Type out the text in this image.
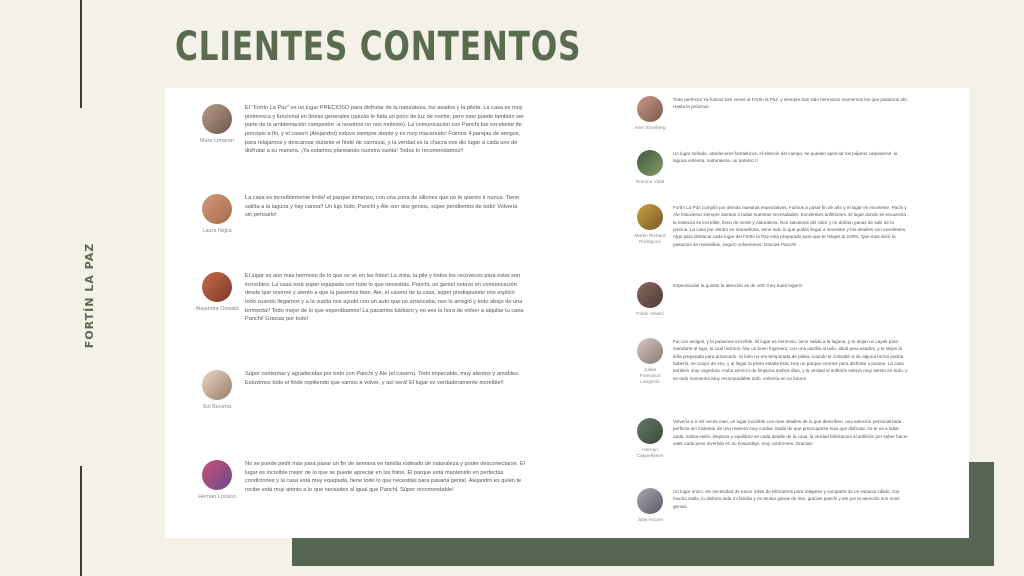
FORTÍN LA PAZ
CLIENTES CONTENTOS
Maru Limaran
El "Fortín La Paz" es un lugar PRECIOSO para disfrutar de la naturaleza, los asados y la pileta. La casa es muy pintoresca y funcional en líneas generales (quizás le falta un poco de luz de noche, pero esto puede también ser parte de la ambientación campestre -a nosotros no nos molestó). La comunicación con Panchi fue excelente de principio a fin, y el casero (Alejandro) estuvo siempre atento y es muy macanudo! Fuimos 4 parejas de amigos, para relajarnos y descansar durante el finde de carnaval, y la verdad es la chacra nos dio lugar a cada uno de disfrutar a su manera. ¡Ya estamos planeando nuestra vuelta! Todos lo recomendamos!!
Laura Niglia
La casa es increíblemente linda! el parque inmenso, con una zona de sillones que no te querés ir nunca. Tiene salida a la laguna y hay canoa!! Un lujo todo, Panchi y Ale son dos genios, súper pendientes de todo! Volvería sin pensarlo!
Alejandra Oswald
El lugar es aún más hermoso de lo que se ve en las fotos! La vista, la pile y todos los recovecos para estar son increíbles. La casa está súper equipada con todo lo que necesitás. Panchi, un genio! estuvo en comunicación desde que reservé y atento a que la pasemos bien. Ale, el casero de la casa, súper predispuesto nos explicó todo cuando llegamos y a la vuelta nos ayudó con un auto que no arrancaba, nos lo arregló y todo abajo de una tormenta!! Todo mejor de lo que esperábamos! La pasamos bárbaro y no veo la hora de volver a alquilar tu casa Panchi! Gracias por todo!
Sol Becerra
Súper contentas y agradecidas por todo con Panchi y Ale (el casero). Todo impecable, muy atentos y amables. Estuvimos todo el finde repitiendo que vamos a volver, y así será! El lugar es verdaderamente increíble!!
Hernan Lozano
No se puede pedir más para pasar un fin de semana en familia rodeado de naturaleza y poder desconectarse. El lugar es increíble mejor de lo que se puede apreciar en las fotos. El parque está mantenido en perfectas condiciones y la casa está muy equipada, tiene todo lo que necesitás para pasarla genial. Alejandro es quien te recibe está muy atento a lo que necesites al igual que Panchi. Súper recomendable!
Ariel Simeberg
Todo perfecto! Ya fuimos tres veces al Fortín la Paz, y siempre han sido hermosos momentos los que pasamos ahí. Hasta la próxima!
Romina Vidal
Un lugar soñado, atardeceres fantásticos, el silencio del campo, se pueden apreciar los pájaros carpinteros, la laguna extensa, natruraleza, un paraíso.!!
Martin Richard Rodriguez
Fortín La Paz cumplió por demás nuestras expectativas. Fuimos a pasar fin de año y el lugar es excelente. Pachi y Ale estuvieron siempre atentos a todas nuestras necesidades. Excelentes anfitriones. El lugar donde se encuentra la estancia es increíble, lleno de verde y naturaleza. Nos salvamos del calor y no debían ganas de salir de la piscina. La casa por dentro es maravillosa, tiene todo lo que podés llegar a necesitar y los detalles son excelentes. Algo para destacar cada lugar del Fortín la Paz está preparado para que te relajes al 100%. Que mas decir la pasamos de maravillas, seguro volveremos. Gracias Panchi!
Pablo Velasz
Espectacular la quinta! la atención es de 10!!! muy buen lugar!!!
Julian Francisco Langevin
Fui con amigos, y la pasamos increíble. El lugar es hermoso, tiene salida a la laguna, y te dejan un cayak para mandarte al lago, lo cual hicimos, hay un buen fogonero, con una parrilla al lado, ideal para asados, y te dejan la leña preparada para arrancarlo. Si bien no era temporada de pileta, cuando le consulté si de alguna forma podría haberlo, se ocupó de eso, y al llegar la pileta estaba lista. Hay un parque enorme para disfrutar o pasear. La casa también muy cogedora. Hubo servicio de limpieza ambos días, y la verdad el anfitrión estuvo muy atento en todo, y en todo momento! Muy recomendable todo, volvería en un futuro!
Hernan Cappellaries
Volvería a ir mil veces mas, un lugar increíble con mas detalles de lo que describen, una atención personalizada perfecta sin molestar de una manera muy cordial. Nada de que preocuparse mas que disfrutar, no te va a faltar nada. Sobra estilo ,limpieza y equilibrio en cada detalle de la casa, la verdad felicitamos al anfitrión por saber hacer valer cada peso invertido en su hospedaje, muy conformes. Gracias!
Julia Ascani
Un lugar único, sin necesidad de hacer miles de kilómetros para relajarse y compartir de un espacio cálido, con mucho estilo, lo disfruto toda mi familia y no tenían ganas de irse, gracias panchi y ale por la atención son unos genios.
